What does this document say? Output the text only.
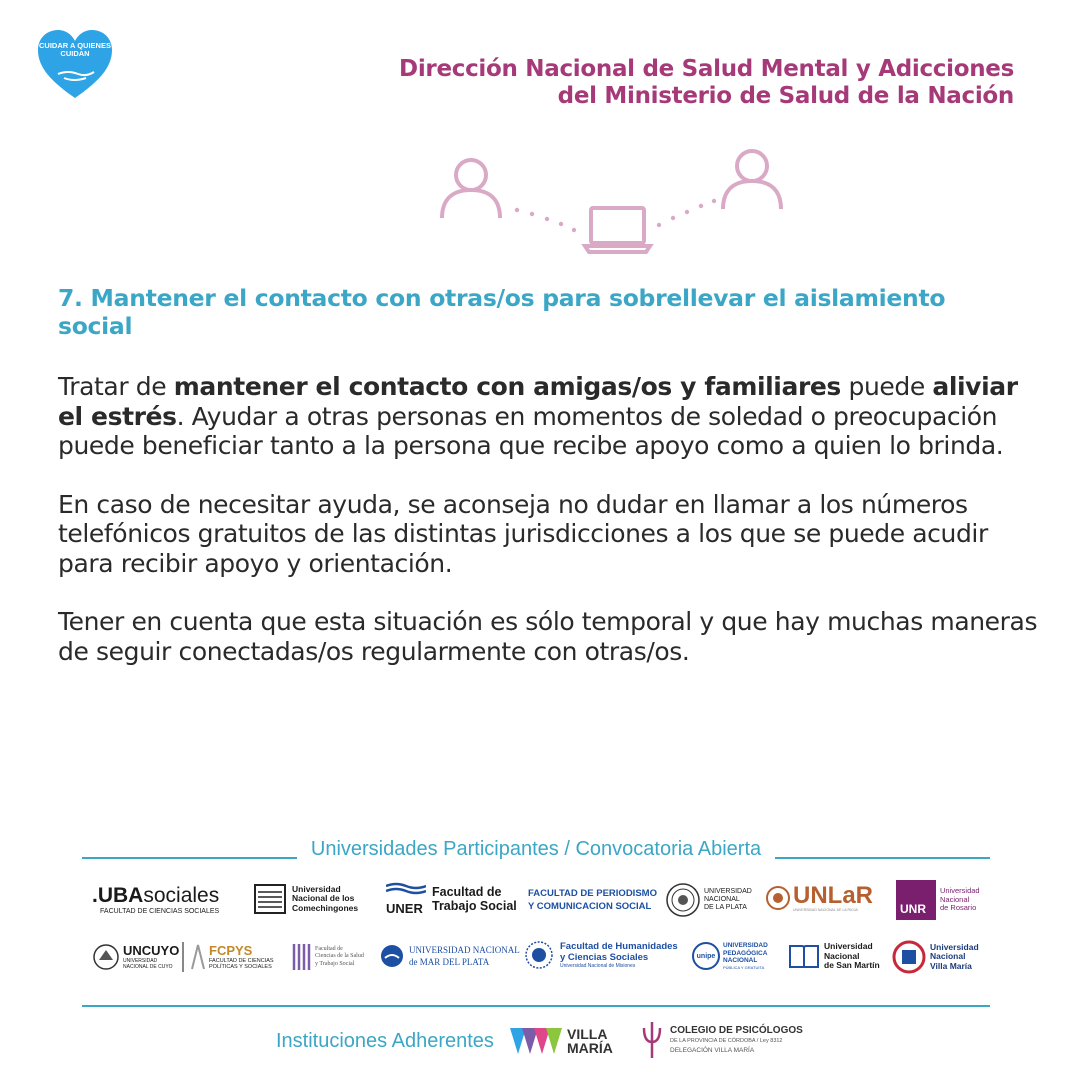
CUIDAR A QUIENES CUIDAN
Dirección Nacional de Salud Mental y Adicciones
del Ministerio de Salud de la Nación
7. Mantener el contacto con otras/os para sobrellevar el aislamiento social

Tratar de mantener el contacto con amigas/os y familiares puede aliviar el estrés. Ayudar a otras personas en momentos de soledad o preocupación puede beneficiar tanto a la persona que recibe apoyo como a quien lo brinda.

En caso de necesitar ayuda, se aconseja no dudar en llamar a los números telefónicos gratuitos de las distintas jurisdicciones a los que se puede acudir para recibir apoyo y orientación.

Tener en cuenta que esta situación es sólo temporal y que hay muchas maneras de seguir conectadas/os regularmente con otras/os.

Universidades Participantes / Convocatoria Abierta
.UBAsociales
FACULTAD DE CIENCIAS SOCIALES
Universidad
Nacional de los
Comechingones UNER
Facultad de
Trabajo Social
FACULTAD DE PERIODISMO
Y COMUNICACION SOCIAL
UNIVERSIDAD
NACIONAL
DE LA PLATA UNLaR
UNIVERSIDAD NACIONAL DE LA RIOJA	UNR
Universidad
Nacional
de Rosario
UNCUYO
UNIVERSIDAD
NACIONAL DE CUYO
FCPYS
FACULTAD DE CIENCIAS
POLÍTICAS Y SOCIALES
Facultad de
Ciencias de la Salud
y Trabajo Social
UNIVERSIDAD NACIONAL
de MAR DEL PLATA
Facultad de Humanidades
y Ciencias Sociales
Universidad Nacional de Misiones
unipe
UNIVERSIDAD
PEDAGÓGICA
NACIONAL
PÚBLICA Y GRATUITA
Universidad
Nacional
de San Martín
Universidad
Nacional
Villa María
Instituciones Adherentes	VILLA
MARÍA
COLEGIO DE PSICÓLOGOS
DE LA PROVINCIA DE CÓRDOBA / Ley 8312
DELEGACIÓN VILLA MARÍA
